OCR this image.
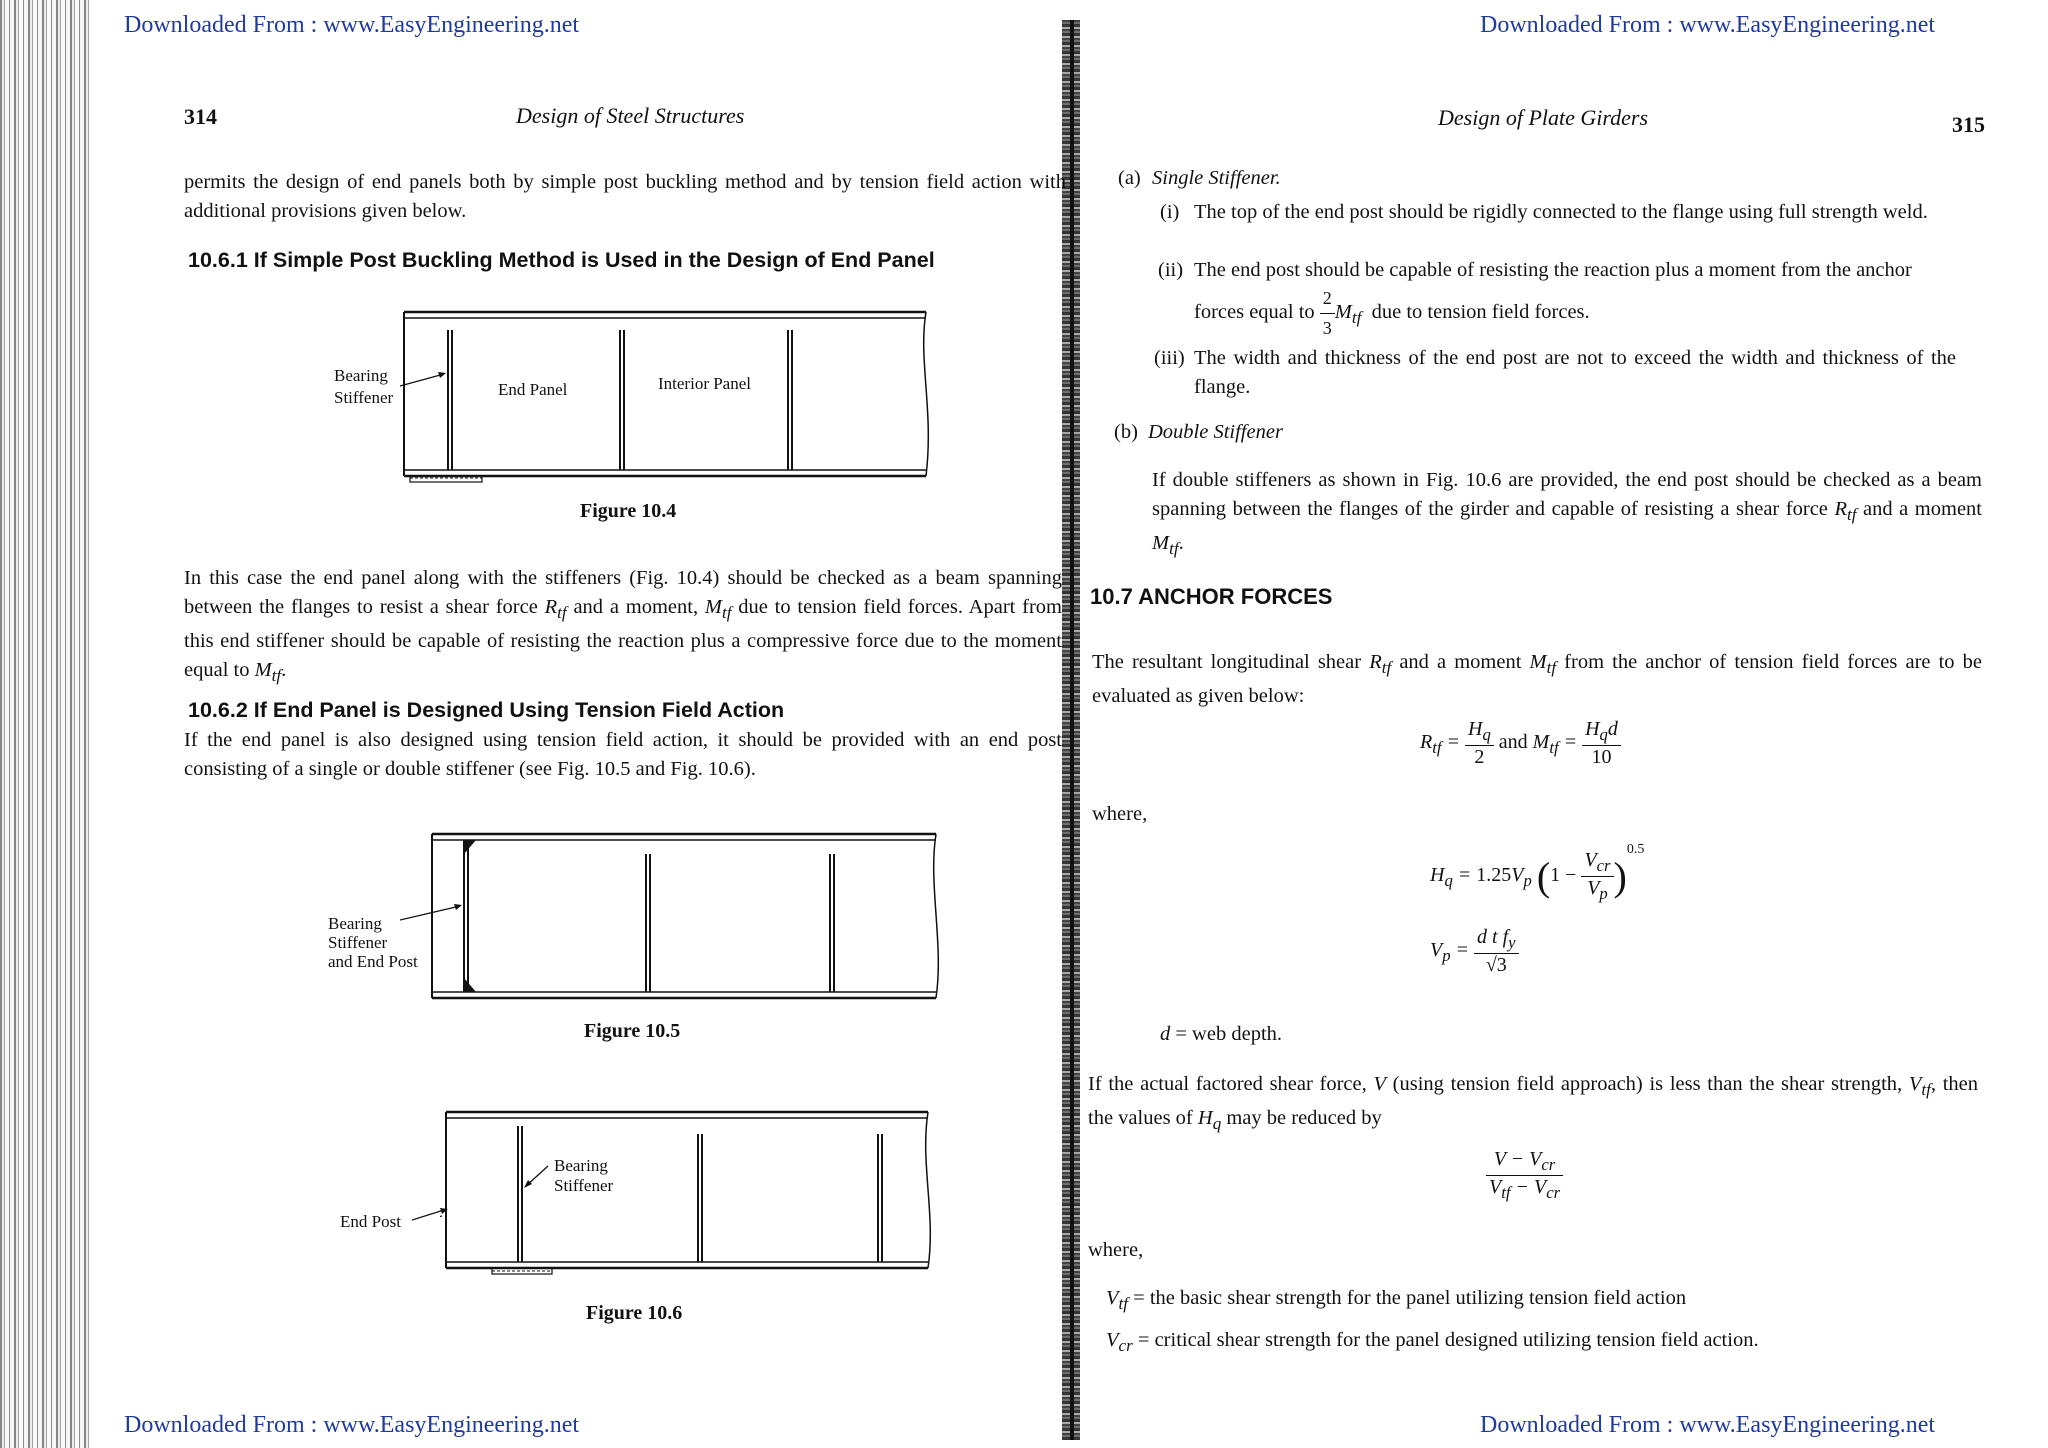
Downloaded From : www.EasyEngineering.net	Downloaded From : www.EasyEngineering.net
Downloaded From : www.EasyEngineering.net	Downloaded From : www.EasyEngineering.net
314	Design of Steel Structures
permits the design of end panels both by simple post buckling method and by tension field action with additional provisions given below.
10.6.1 If Simple Post Buckling Method is Used in the Design of End Panel
Bearing
Stiffener	End Panel	Interior Panel
Figure 10.4
In this case the end panel along with the stiffeners (Fig. 10.4) should be checked as a beam spanning between the flanges to resist a shear force $R_{tf}$ and a moment, $M_{tf}$ due to tension field forces. Apart from this end stiffener should be capable of resisting the reaction plus a compressive force due to the moment equal to $M_{tf}$.
10.6.2 If End Panel is Designed Using Tension Field Action
If the end panel is also designed using tension field action, it should be provided with an end post consisting of a single or double stiffener (see Fig. 10.5 and Fig. 10.6).
Bearing
Stiffener
and End Post
Figure 10.5
Bearing
Stiffener
End Post
Figure 10.6
Design of Plate Girders	315
(a) Single Stiffener.
(i) The top of the end post should be rigidly connected to the flange using full strength weld.
(ii) The end post should be capable of resisting the reaction plus a moment from the anchor
forces equal to $\frac{2}{3} M_{tf}$ due to tension field forces.
(iii) The width and thickness of the end post are not to exceed the width and thickness of the flange.
(b) Double Stiffener
If double stiffeners as shown in Fig. 10.6 are provided, the end post should be checked as a beam spanning between the flanges of the girder and capable of resisting a shear force $R_{tf}$ and a moment $M_{tf}$.
10.7 ANCHOR FORCES
The resultant longitudinal shear $R_{tf}$ and a moment $M_{tf}$ from the anchor of tension field forces are to be evaluated as given below:
$R_{tf} = \frac{H_q}{2}$ and $M_{tf}$ =
$H_qd$
10
where,
$H_q = 1.25V_p$ (1 −
$V_{cr}$
$V_p$ )$^{0.5}$
$V_p = \frac{d t f_y}{√3}$
d = web depth.
If the actual factored shear force, V (using tension field approach) is less than the shear strength, $V_{tf}$, then the values of $H_q$ may be reduced by
$V - V_{cr}$
$V_{tf} - V_{cr}$
where,
$V_{tf}$ = the basic shear strength for the panel utilizing tension field action
$V_{cr}$ = critical shear strength for the panel designed utilizing tension field action.
